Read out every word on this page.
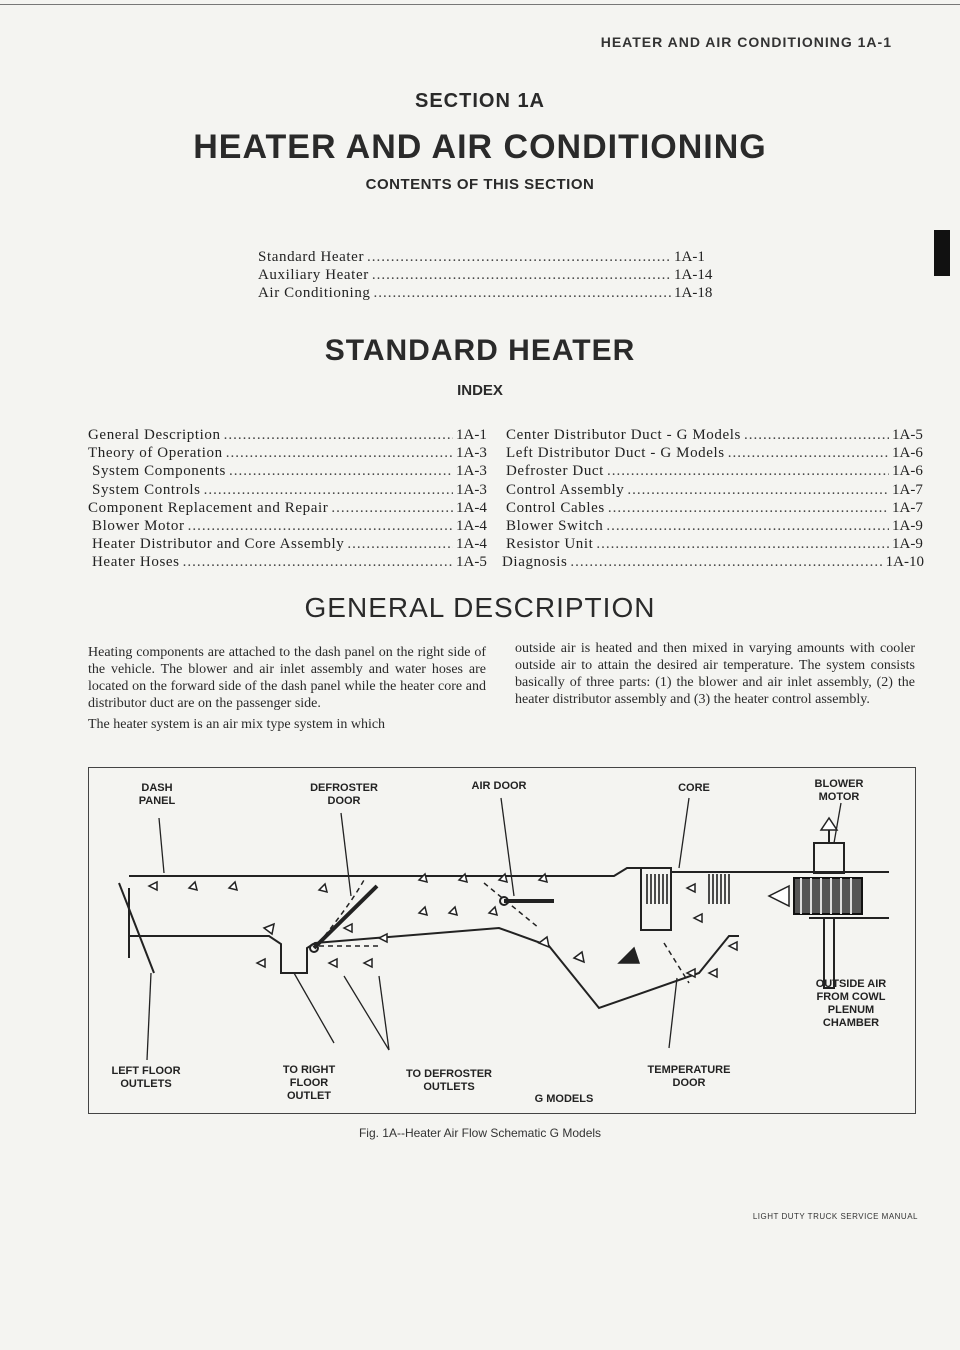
HEATER AND AIR CONDITIONING 1A-1
SECTION 1A
HEATER AND AIR CONDITIONING
CONTENTS OF THIS SECTION
Standard Heater .....	1A-1
Auxiliary Heater .....	1A-14
Air Conditioning .....	1A-18
STANDARD HEATER
INDEX
General Description .....	1A-1
Theory of Operation .....	1A-3
System Components .....	1A-3
System Controls .....	1A-3
Component Replacement and Repair .....	1A-4
Blower Motor .....	1A-4
Heater Distributor and Core Assembly .....	1A-4
Heater Hoses .....	1A-5
Center Distributor Duct - G Models .....	1A-5
Left Distributor Duct - G Models .....	1A-6
Defroster Duct .....	1A-6
Control Assembly .....	1A-7
Control Cables .....	1A-7
Blower Switch .....	1A-9
Resistor Unit .....	1A-9
Diagnosis .....	1A-10
GENERAL DESCRIPTION

Heating components are attached to the dash panel on the right side of the vehicle. The blower and air inlet assembly and water hoses are located on the forward side of the dash panel while the heater core and distributor duct are on the passenger side.

The heater system is an air mix type system in which

outside air is heated and then mixed in varying amounts with cooler outside air to attain the desired air temperature. The system consists basically of three parts: (1) the blower and air inlet assembly, (2) the heater distributor assembly and (3) the heater control assembly.

DASH PANEL
DEFROSTER DOOR
AIR DOOR	CORE	BLOWER MOTOR
OUTSIDE AIR FROM COWL PLENUM CHAMBER
LEFT FLOOR OUTLETS
TO RIGHT FLOOR OUTLET
TO DEFROSTER OUTLETS
G MODELS
TEMPERATURE DOOR
Fig. 1A--Heater Air Flow Schematic G Models
LIGHT DUTY TRUCK SERVICE MANUAL
